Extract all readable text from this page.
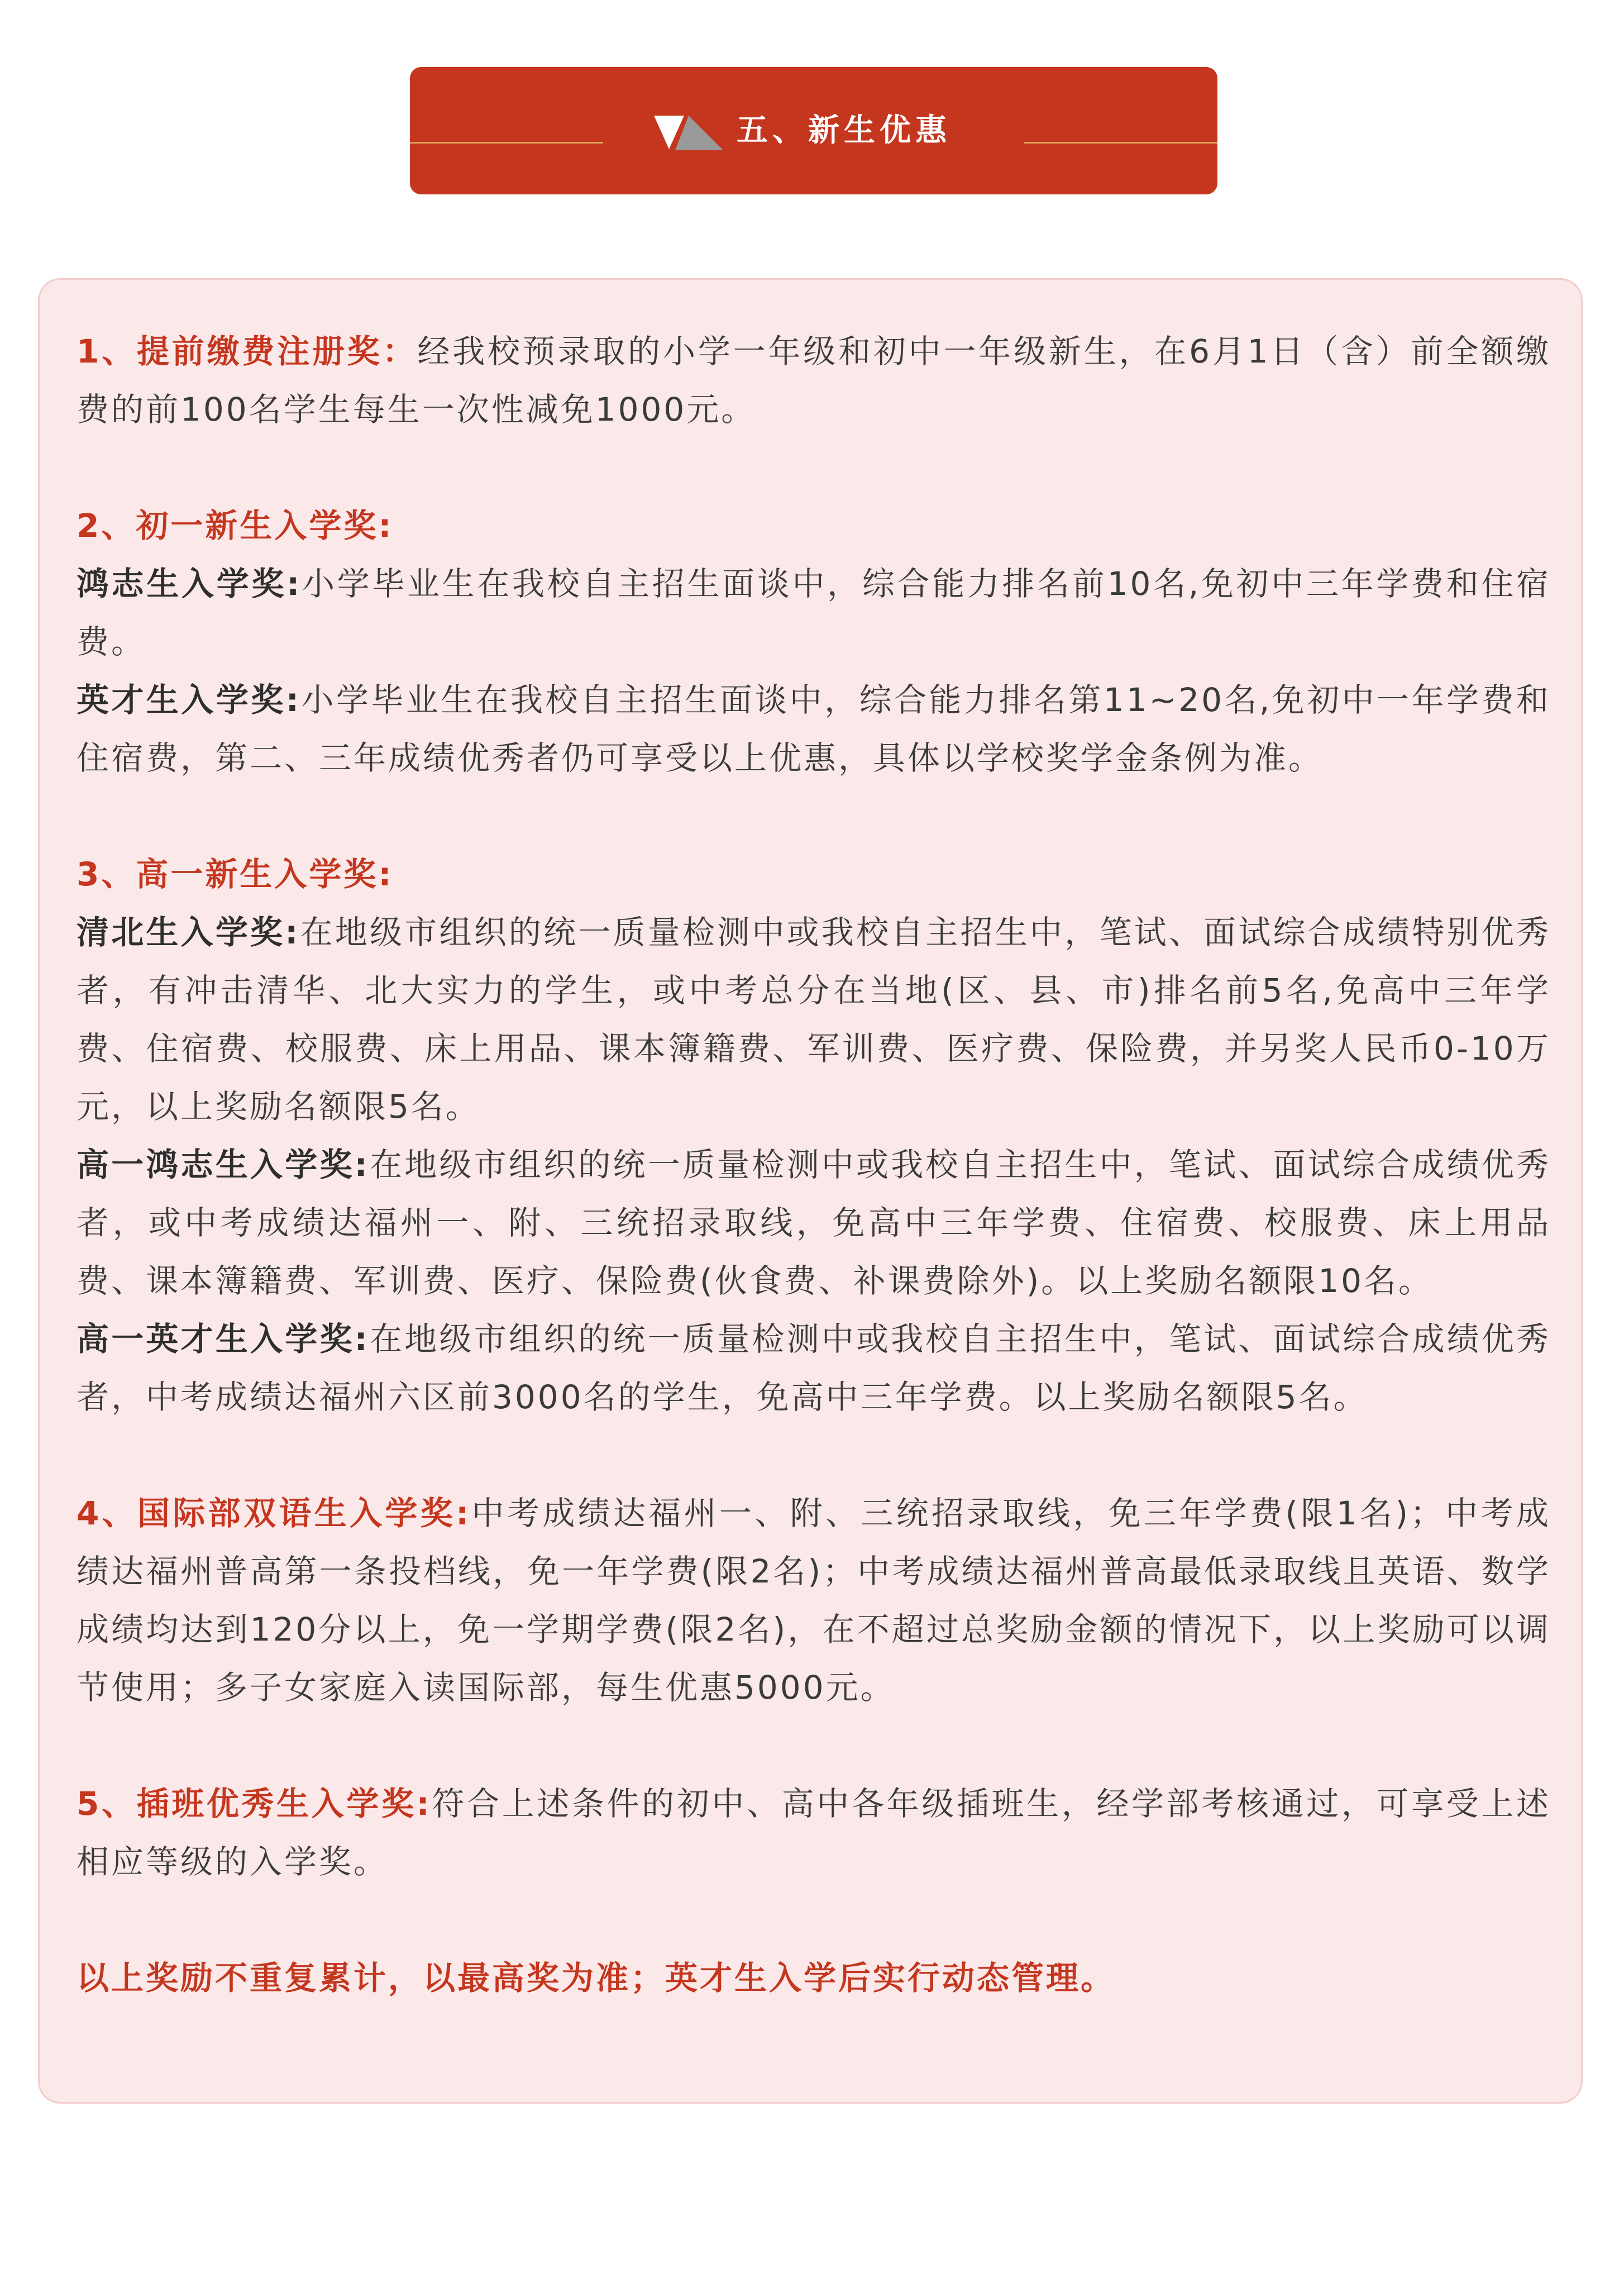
五、新生优惠

1、提前缴费注册奖：经我校预录取的小学一年级和初中一年级新生，在6月1日（含）前全额缴费的前100名学生每生一次性减免1000元。

2、初一新生入学奖:

鸿志生入学奖:小学毕业生在我校自主招生面谈中，综合能力排名前10名,免初中三年学费和住宿费。

英才生入学奖:小学毕业生在我校自主招生面谈中，综合能力排名第11~20名,免初中一年学费和住宿费，第二、三年成绩优秀者仍可享受以上优惠，具体以学校奖学金条例为准。

3、高一新生入学奖:

清北生入学奖:在地级市组织的统一质量检测中或我校自主招生中，笔试、面试综合成绩特别优秀者，有冲击清华、北大实力的学生，或中考总分在当地(区、县、市)排名前5名,免高中三年学费、住宿费、校服费、床上用品、课本簿籍费、军训费、医疗费、保险费，并另奖人民币0-10万元，以上奖励名额限5名。

高一鸿志生入学奖:在地级市组织的统一质量检测中或我校自主招生中，笔试、面试综合成绩优秀者，或中考成绩达福州一、附、三统招录取线，免高中三年学费、住宿费、校服费、床上用品费、课本簿籍费、军训费、医疗、保险费(伙食费、补课费除外)。以上奖励名额限10名。

高一英才生入学奖:在地级市组织的统一质量检测中或我校自主招生中，笔试、面试综合成绩优秀者，中考成绩达福州六区前3000名的学生，免高中三年学费。以上奖励名额限5名。

4、国际部双语生入学奖:中考成绩达福州一、附、三统招录取线，免三年学费(限1名)；中考成绩达福州普高第一条投档线，免一年学费(限2名)；中考成绩达福州普高最低录取线且英语、数学成绩均达到120分以上，免一学期学费(限2名)，在不超过总奖励金额的情况下，以上奖励可以调节使用；多子女家庭入读国际部，每生优惠5000元。

5、插班优秀生入学奖:符合上述条件的初中、高中各年级插班生，经学部考核通过，可享受上述相应等级的入学奖。

以上奖励不重复累计，以最高奖为准；英才生入学后实行动态管理。
